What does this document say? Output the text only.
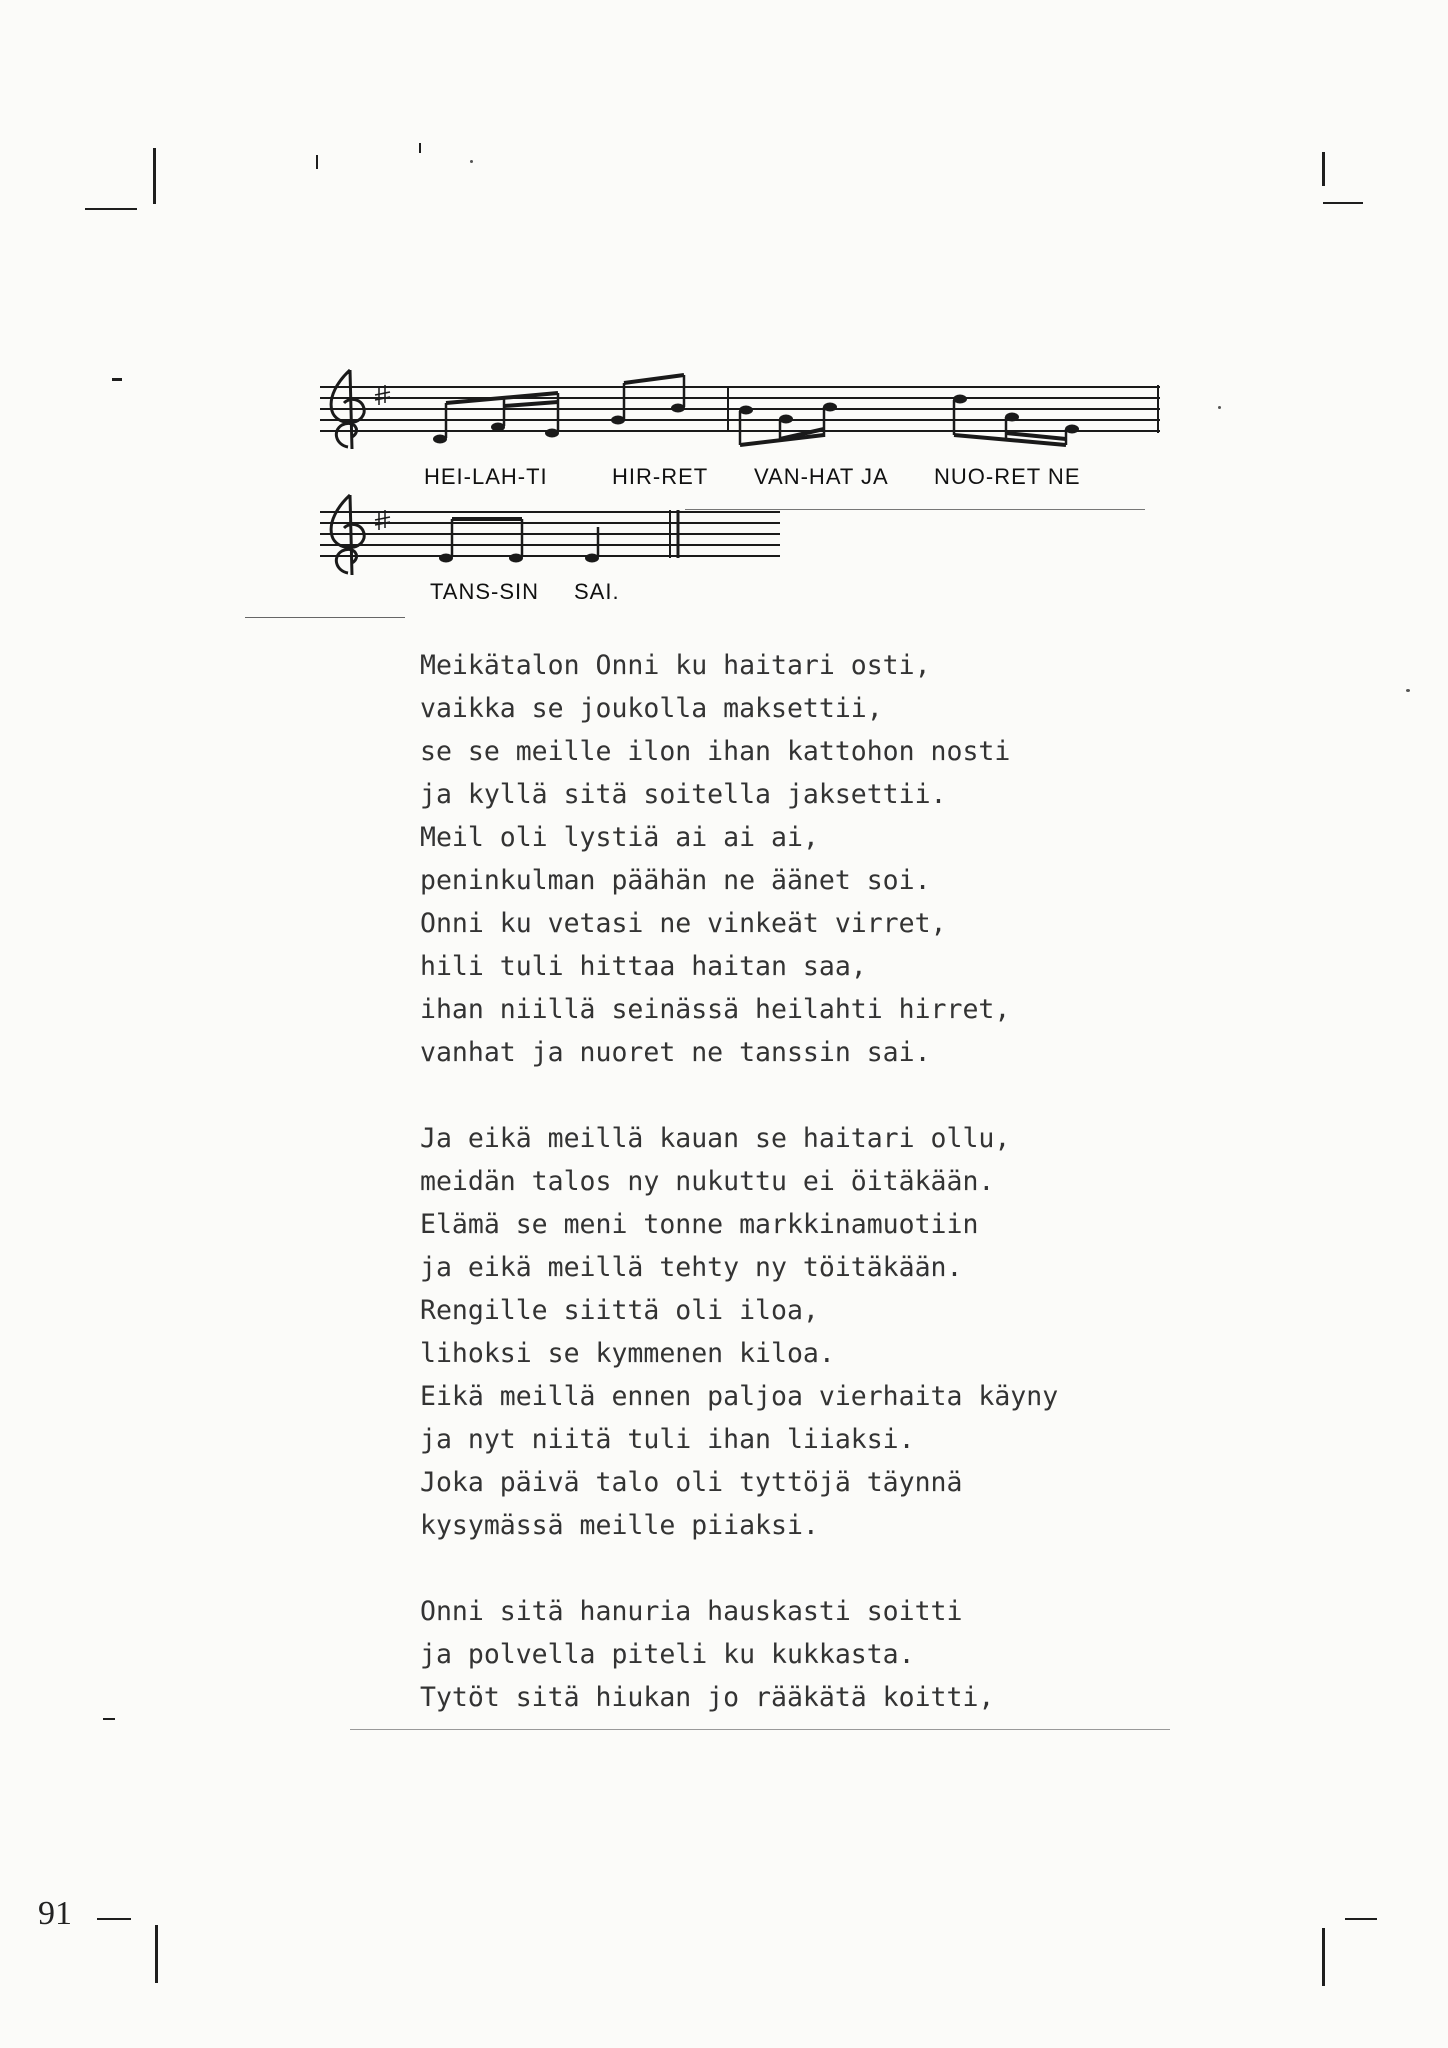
HEI-LAH-TI	HIR-RET VAN-HAT JA NUO-RET NE
TANS-SIN SAI.
Meikätalon Onni ku haitari osti,
vaikka se joukolla maksettii,
se se meille ilon ihan kattohon nosti
ja kyllä sitä soitella jaksettii.
Meil oli lystiä ai ai ai,
peninkulman päähän ne äänet soi.
Onni ku vetasi ne vinkeät virret,
hili tuli hittaa haitan saa,
ihan niillä seinässä heilahti hirret,
vanhat ja nuoret ne tanssin sai.
Ja eikä meillä kauan se haitari ollu,
meidän talos ny nukuttu ei öitäkään.
Elämä se meni tonne markkinamuotiin
ja eikä meillä tehty ny töitäkään.
Rengille siittä oli iloa,
lihoksi se kymmenen kiloa.
Eikä meillä ennen paljoa vierhaita käyny
ja nyt niitä tuli ihan liiaksi.
Joka päivä talo oli tyttöjä täynnä
kysymässä meille piiaksi.
Onni sitä hanuria hauskasti soitti
ja polvella piteli ku kukkasta.
Tytöt sitä hiukan jo rääkätä koitti,
91
